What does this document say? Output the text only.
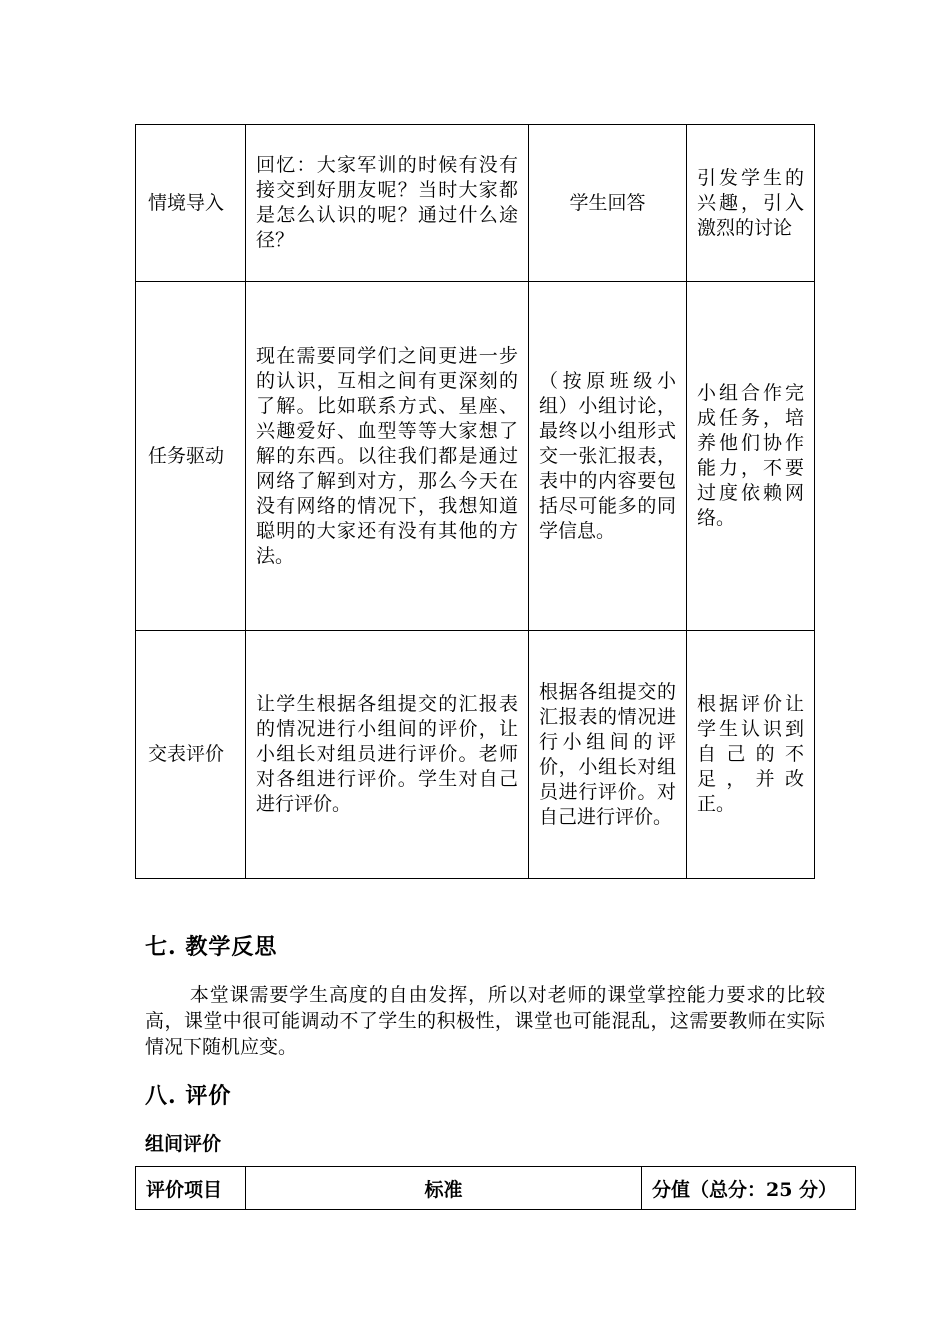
情境导入	回忆：大家军训的时候有没有接交到好朋友呢？当时大家都是怎么认识的呢？通过什么途径？	学生回答	引发学生的兴趣，引入激烈的讨论
任务驱动	现在需要同学们之间更进一步的认识，互相之间有更深刻的了解。比如联系方式、星座、兴趣爱好、血型等等大家想了解的东西。以往我们都是通过网络了解到对方，那么今天在没有网络的情况下，我想知道聪明的大家还有没有其他的方法。	（按原班级小组）小组讨论，最终以小组形式交一张汇报表，表中的内容要包括尽可能多的同学信息。	小组合作完成任务，培养他们协作能力，不要过度依赖网络。
交表评价	让学生根据各组提交的汇报表的情况进行小组间的评价，让小组长对组员进行评价。老师对各组进行评价。学生对自己进行评价。	根据各组提交的汇报表的情况进行小组间的评价，小组长对组员进行评价。对自己进行评价。	根据评价让学生认识到自己的不足，并改正。
七. 教学反思

本堂课需要学生高度的自由发挥，所以对老师的课堂掌控能力要求的比较高，课堂中很可能调动不了学生的积极性，课堂也可能混乱，这需要教师在实际情况下随机应变。

八. 评价
组间评价
评价项目	标准	分值（总分：25 分）
